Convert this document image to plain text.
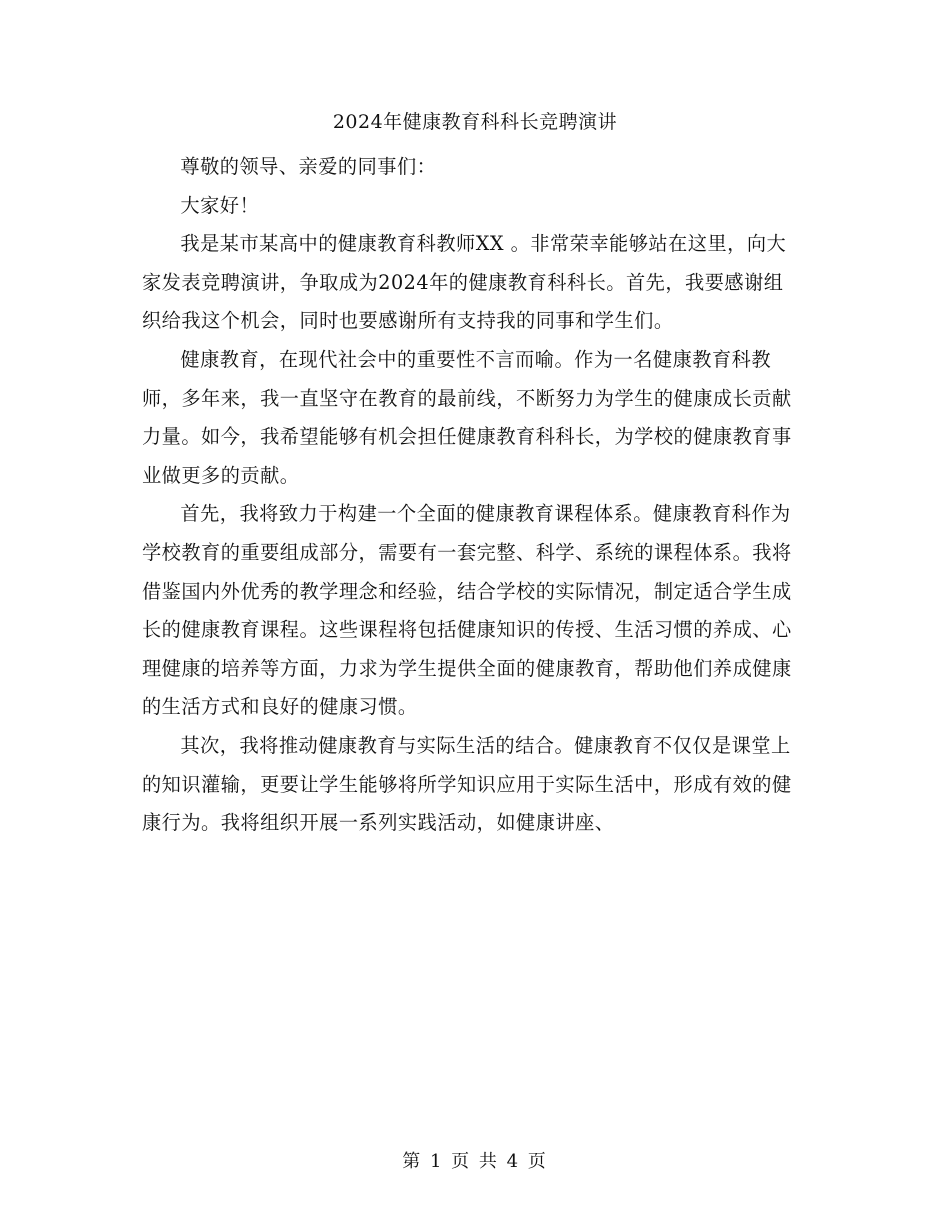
2024年健康教育科科长竞聘演讲

尊敬的领导、亲爱的同事们：

大家好！

我是某市某高中的健康教育科教师XX 。非常荣幸能够站在这里，向大家发表竞聘演讲，争取成为2024年的健康教育科科长。首先，我要感谢组织给我这个机会，同时也要感谢所有支持我的同事和学生们。

健康教育，在现代社会中的重要性不言而喻。作为一名健康教育科教师，多年来，我一直坚守在教育的最前线，不断努力为学生的健康成长贡献力量。如今，我希望能够有机会担任健康教育科科长，为学校的健康教育事业做更多的贡献。

首先，我将致力于构建一个全面的健康教育课程体系。健康教育科作为学校教育的重要组成部分，需要有一套完整、科学、系统的课程体系。我将借鉴国内外优秀的教学理念和经验，结合学校的实际情况，制定适合学生成长的健康教育课程。这些课程将包括健康知识的传授、生活习惯的养成、心理健康的培养等方面，力求为学生提供全面的健康教育，帮助他们养成健康的生活方式和良好的健康习惯。

其次，我将推动健康教育与实际生活的结合。健康教育不仅仅是课堂上的知识灌输，更要让学生能够将所学知识应用于实际生活中，形成有效的健康行为。我将组织开展一系列实践活动，如健康讲座、

第 1 页 共 4 页
